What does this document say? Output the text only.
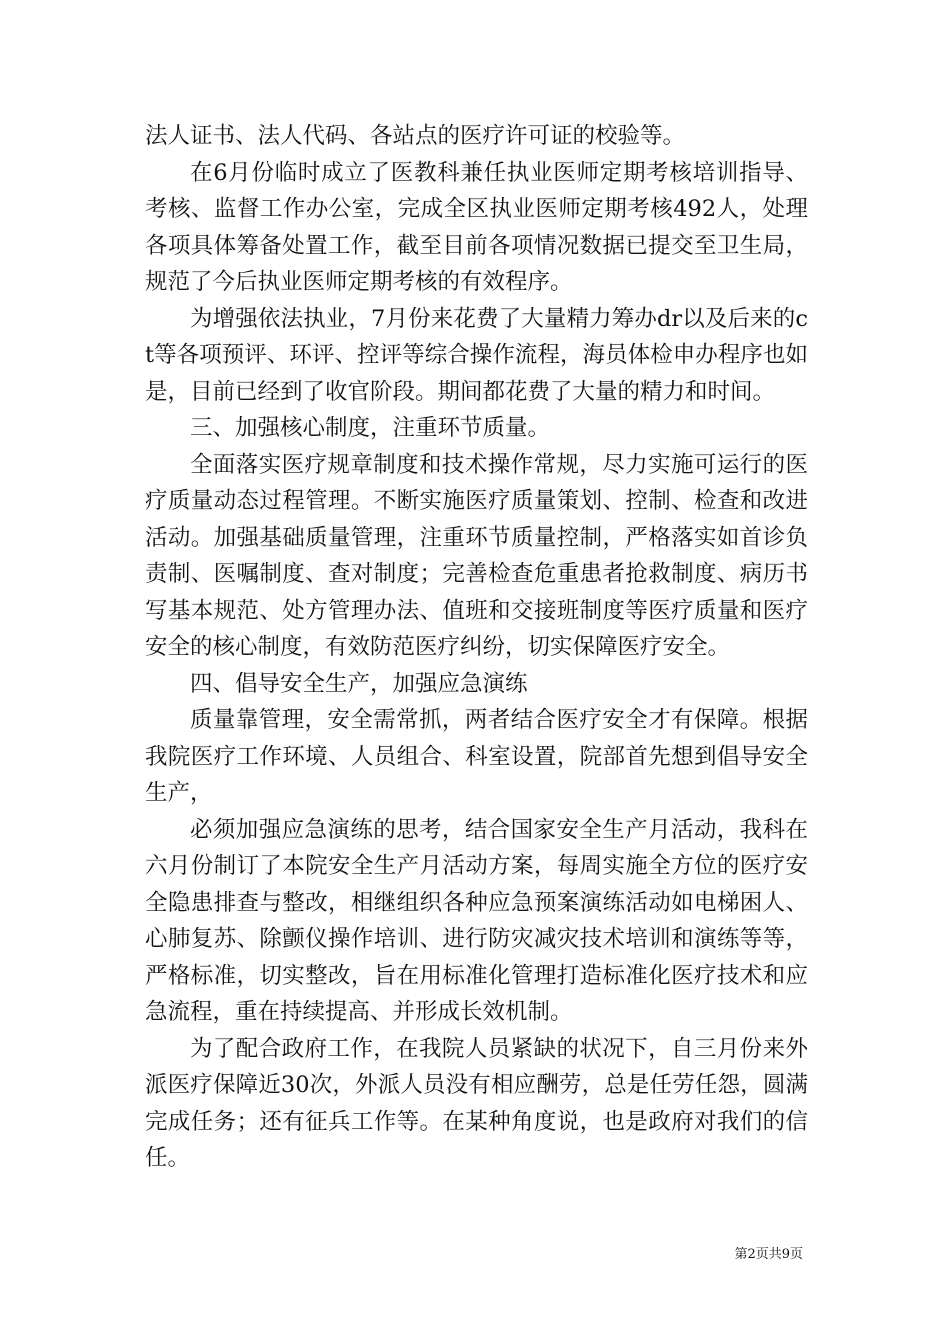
法人证书、法人代码、各站点的医疗许可证的校验等。

在6月份临时成立了医教科兼任执业医师定期考核培训指导、考核、监督工作办公室，完成全区执业医师定期考核492人，处理各项具体筹备处置工作，截至目前各项情况数据已提交至卫生局，规范了今后执业医师定期考核的有效程序。

为增强依法执业，7月份来花费了大量精力筹办dr以及后来的ct等各项预评、环评、控评等综合操作流程，海员体检申办程序也如是，目前已经到了收官阶段。期间都花费了大量的精力和时间。

三、加强核心制度，注重环节质量。

全面落实医疗规章制度和技术操作常规，尽力实施可运行的医疗质量动态过程管理。不断实施医疗质量策划、控制、检查和改进活动。加强基础质量管理，注重环节质量控制，严格落实如首诊负责制、医嘱制度、查对制度；完善检查危重患者抢救制度、病历书写基本规范、处方管理办法、值班和交接班制度等医疗质量和医疗安全的核心制度，有效防范医疗纠纷，切实保障医疗安全。

四、倡导安全生产，加强应急演练

质量靠管理，安全需常抓，两者结合医疗安全才有保障。根据我院医疗工作环境、人员组合、科室设置，院部首先想到倡导安全生产，

必须加强应急演练的思考，结合国家安全生产月活动，我科在六月份制订了本院安全生产月活动方案，每周实施全方位的医疗安全隐患排查与整改，相继组织各种应急预案演练活动如电梯困人、心肺复苏、除颤仪操作培训、进行防灾减灾技术培训和演练等等，严格标准，切实整改，旨在用标准化管理打造标准化医疗技术和应急流程，重在持续提高、并形成长效机制。

为了配合政府工作，在我院人员紧缺的状况下，自三月份来外派医疗保障近30次，外派人员没有相应酬劳，总是任劳任怨，圆满完成任务；还有征兵工作等。在某种角度说，也是政府对我们的信任。

第2页共9页
